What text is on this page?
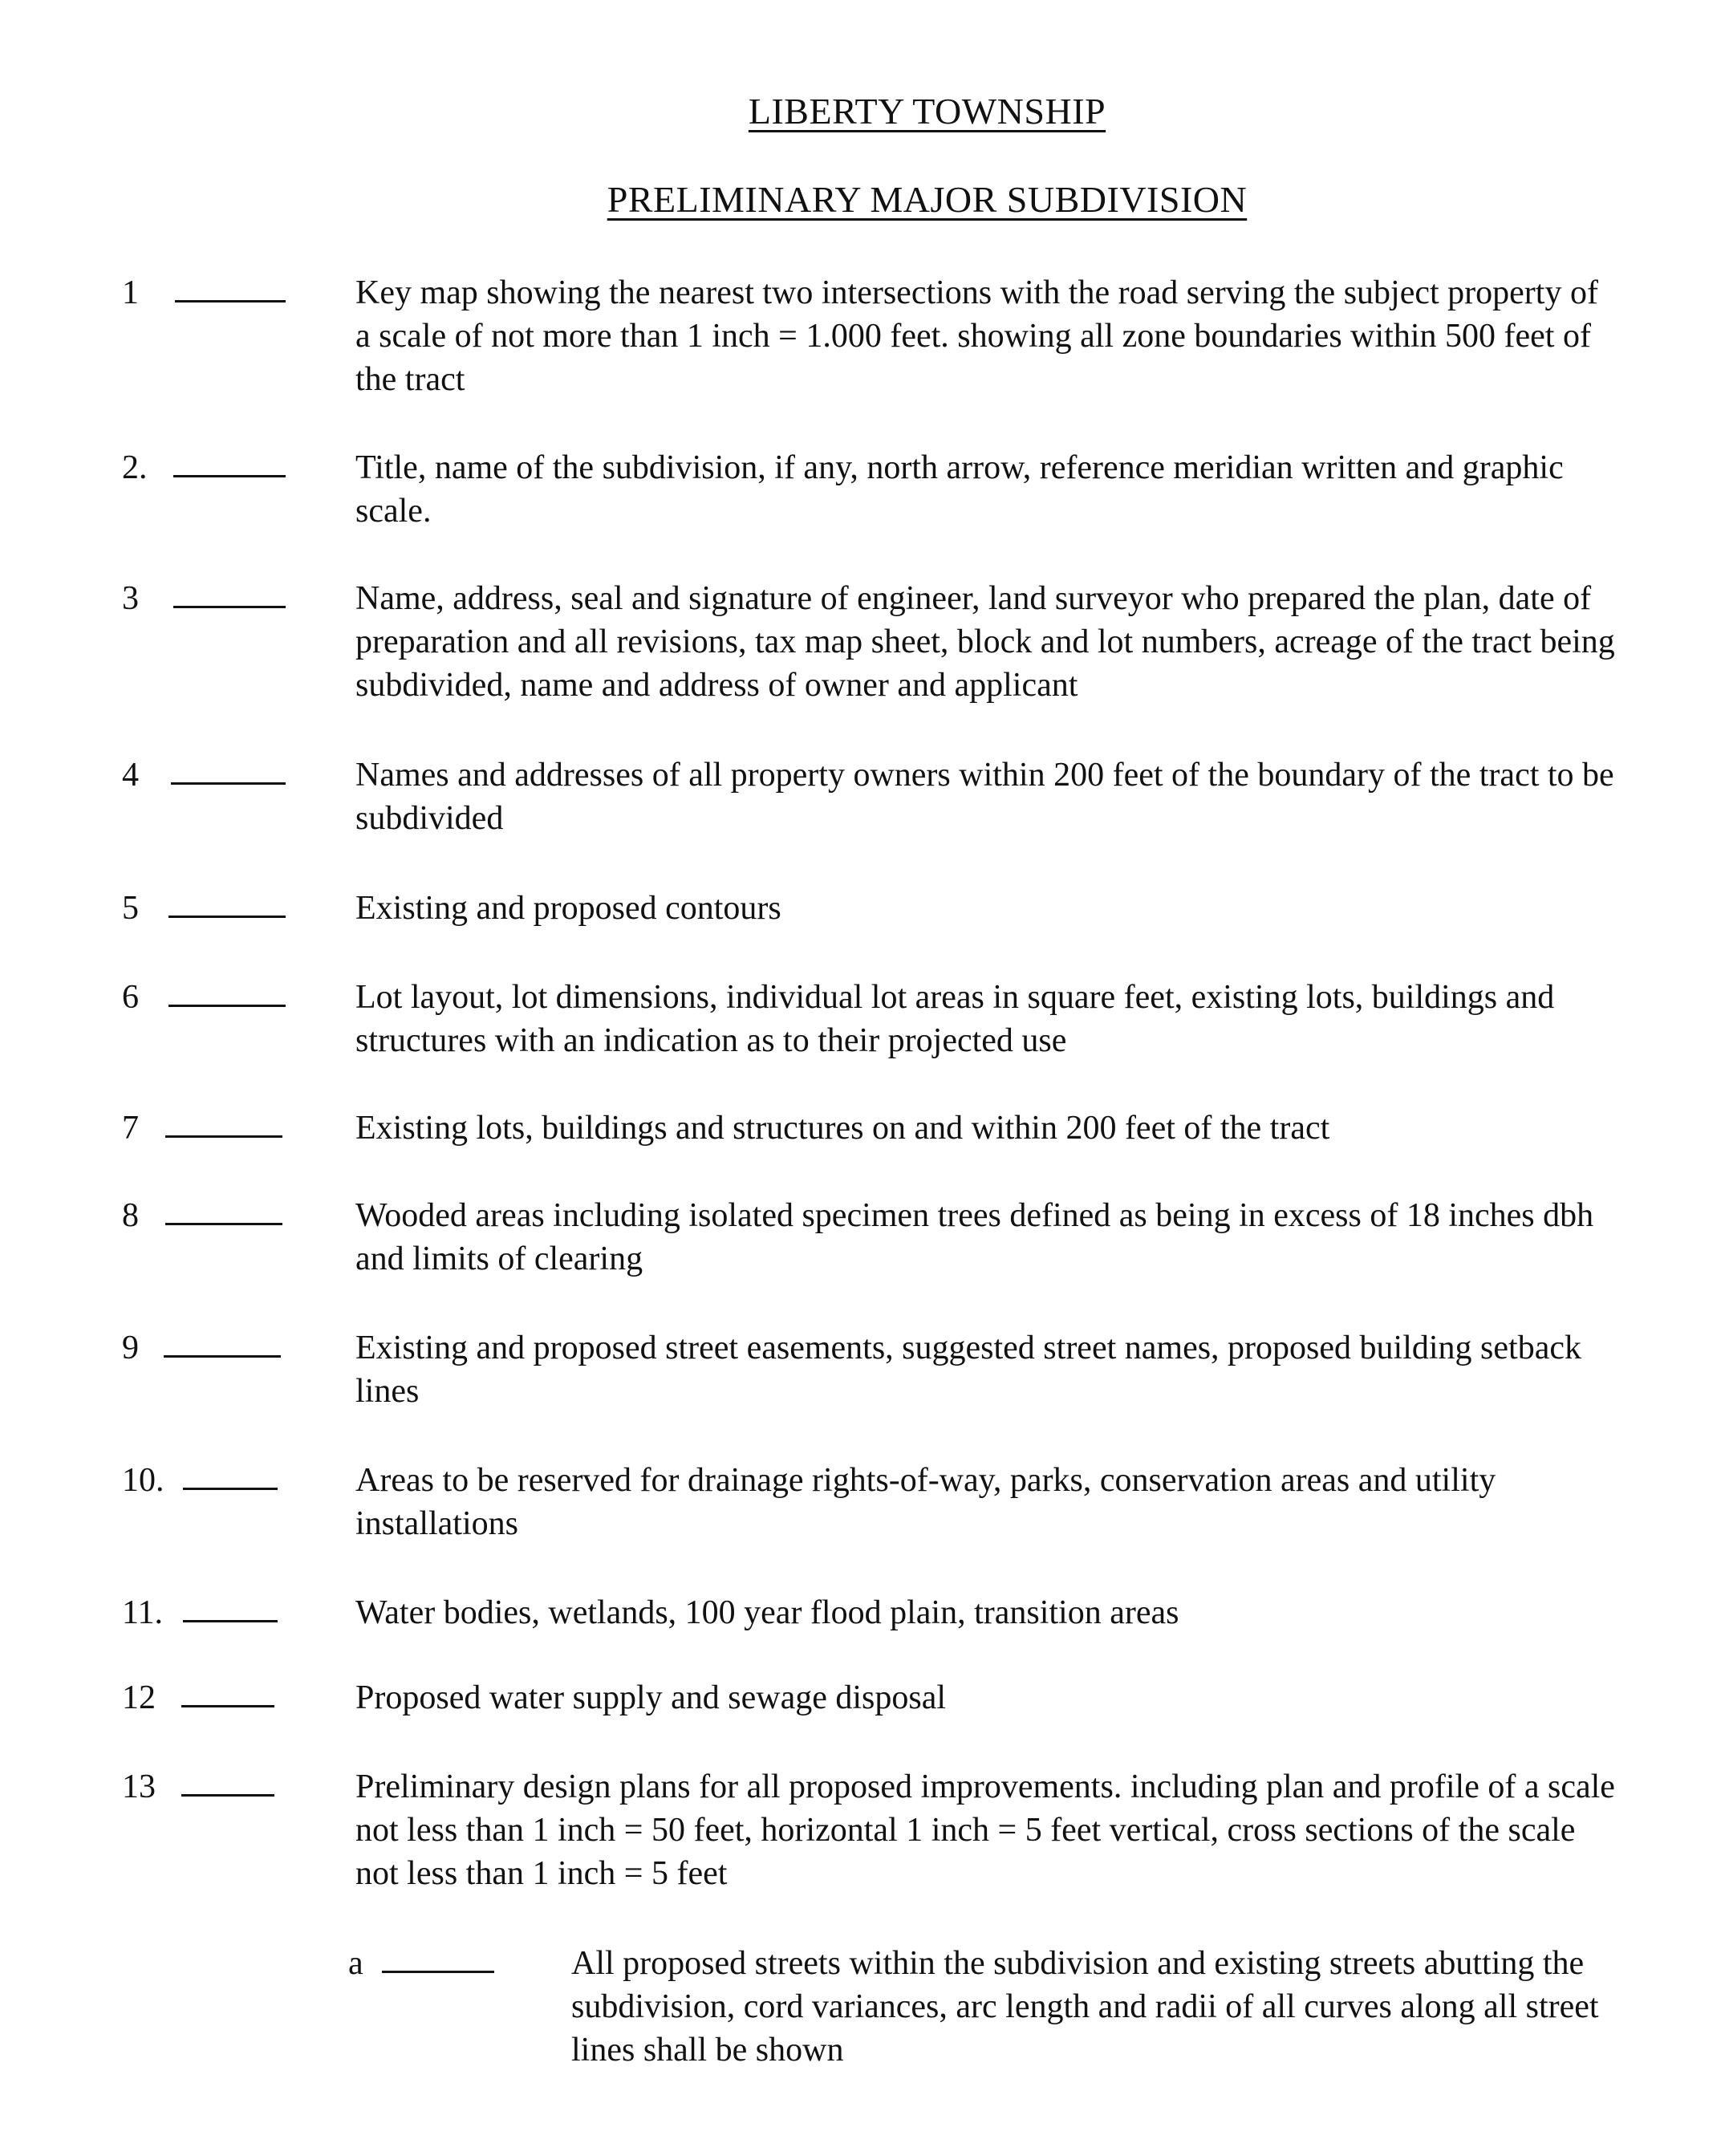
LIBERTY TOWNSHIP
PRELIMINARY MAJOR SUBDIVISION
1	Key map showing the nearest two intersections with the road serving the subject property of a scale of not more than 1 inch = 1.000 feet. showing all zone boundaries within 500 feet of the tract
2.	Title, name of the subdivision, if any, north arrow, reference meridian written and graphic scale.
3	Name, address, seal and signature of engineer, land surveyor who prepared the plan, date of preparation and all revisions, tax map sheet, block and lot numbers, acreage of the tract being subdivided, name and address of owner and applicant
4	Names and addresses of all property owners within 200 feet of the boundary of the tract to be subdivided
5	Existing and proposed contours
6	Lot layout, lot dimensions, individual lot areas in square feet, existing lots, buildings and structures with an indication as to their projected use
7	Existing lots, buildings and structures on and within 200 feet of the tract
8	Wooded areas including isolated specimen trees defined as being in excess of 18 inches dbh and limits of clearing
9	Existing and proposed street easements, suggested street names, proposed building setback lines
10.	Areas to be reserved for drainage rights-of-way, parks, conservation areas and utility installations
11.	Water bodies, wetlands, 100 year flood plain, transition areas
12	Proposed water supply and sewage disposal
13	Preliminary design plans for all proposed improvements. including plan and profile of a scale not less than 1 inch = 50 feet, horizontal 1 inch = 5 feet vertical, cross sections of the scale not less than 1 inch = 5 feet
a	All proposed streets within the subdivision and existing streets abutting the subdivision, cord variances, arc length and radii of all curves along all street lines shall be shown
